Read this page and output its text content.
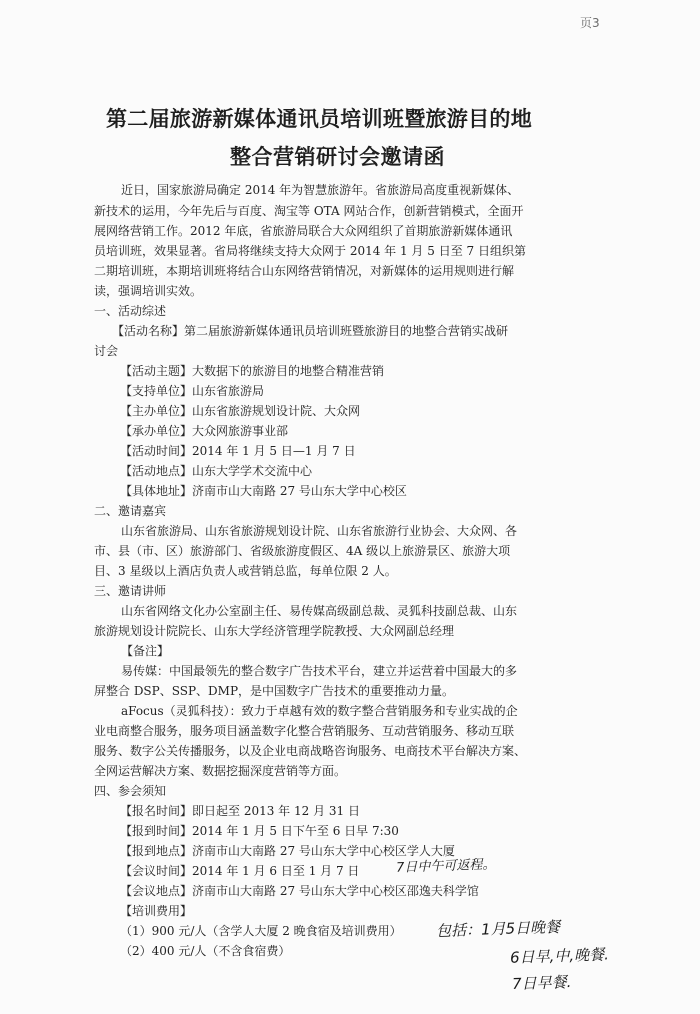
页3
第二届旅游新媒体通讯员培训班暨旅游目的地
整合营销研讨会邀请函
近日，国家旅游局确定 2014 年为智慧旅游年。省旅游局高度重视新媒体、
新技术的运用，今年先后与百度、淘宝等 OTA 网站合作，创新营销模式，全面开
展网络营销工作。2012 年底，省旅游局联合大众网组织了首期旅游新媒体通讯
员培训班，效果显著。省局将继续支持大众网于 2014 年 1 月 5 日至 7 日组织第
二期培训班，本期培训班将结合山东网络营销情况，对新媒体的运用规则进行解
读，强调培训实效。
一、活动综述
【活动名称】第二届旅游新媒体通讯员培训班暨旅游目的地整合营销实战研
讨会
【活动主题】大数据下的旅游目的地整合精准营销
【支持单位】山东省旅游局
【主办单位】山东省旅游规划设计院、大众网
【承办单位】大众网旅游事业部
【活动时间】2014 年 1 月 5 日—1 月 7 日
【活动地点】山东大学学术交流中心
【具体地址】济南市山大南路 27 号山东大学中心校区
二、邀请嘉宾
山东省旅游局、山东省旅游规划设计院、山东省旅游行业协会、大众网、各
市、县（市、区）旅游部门、省级旅游度假区、4A 级以上旅游景区、旅游大项
目、3 星级以上酒店负责人或营销总监，每单位限 2 人。
三、邀请讲师
山东省网络文化办公室副主任、易传媒高级副总裁、灵狐科技副总裁、山东
旅游规划设计院院长、山东大学经济管理学院教授、大众网副总经理
【备注】
易传媒：中国最领先的整合数字广告技术平台，建立并运营着中国最大的多
屏整合 DSP、SSP、DMP，是中国数字广告技术的重要推动力量。
aFocus（灵狐科技）：致力于卓越有效的数字整合营销服务和专业实战的企
业电商整合服务，服务项目涵盖数字化整合营销服务、互动营销服务、移动互联
服务、数字公关传播服务，以及企业电商战略咨询服务、电商技术平台解决方案、
全网运营解决方案、数据挖掘深度营销等方面。
四、参会须知
【报名时间】即日起至 2013 年 12 月 31 日
【报到时间】2014 年 1 月 5 日下午至 6 日早 7:30
【报到地点】济南市山大南路 27 号山东大学中心校区学人大厦
【会议时间】2014 年 1 月 6 日至 1 月 7 日
【会议地点】济南市山大南路 27 号山东大学中心校区邵逸夫科学馆
【培训费用】
（1）900 元/人（含学人大厦 2 晚食宿及培训费用）
（2）400 元/人（不含食宿费）
7日中午可返程。
包括：1月5日晚餐
6日早,中,晚餐.
7日早餐.
